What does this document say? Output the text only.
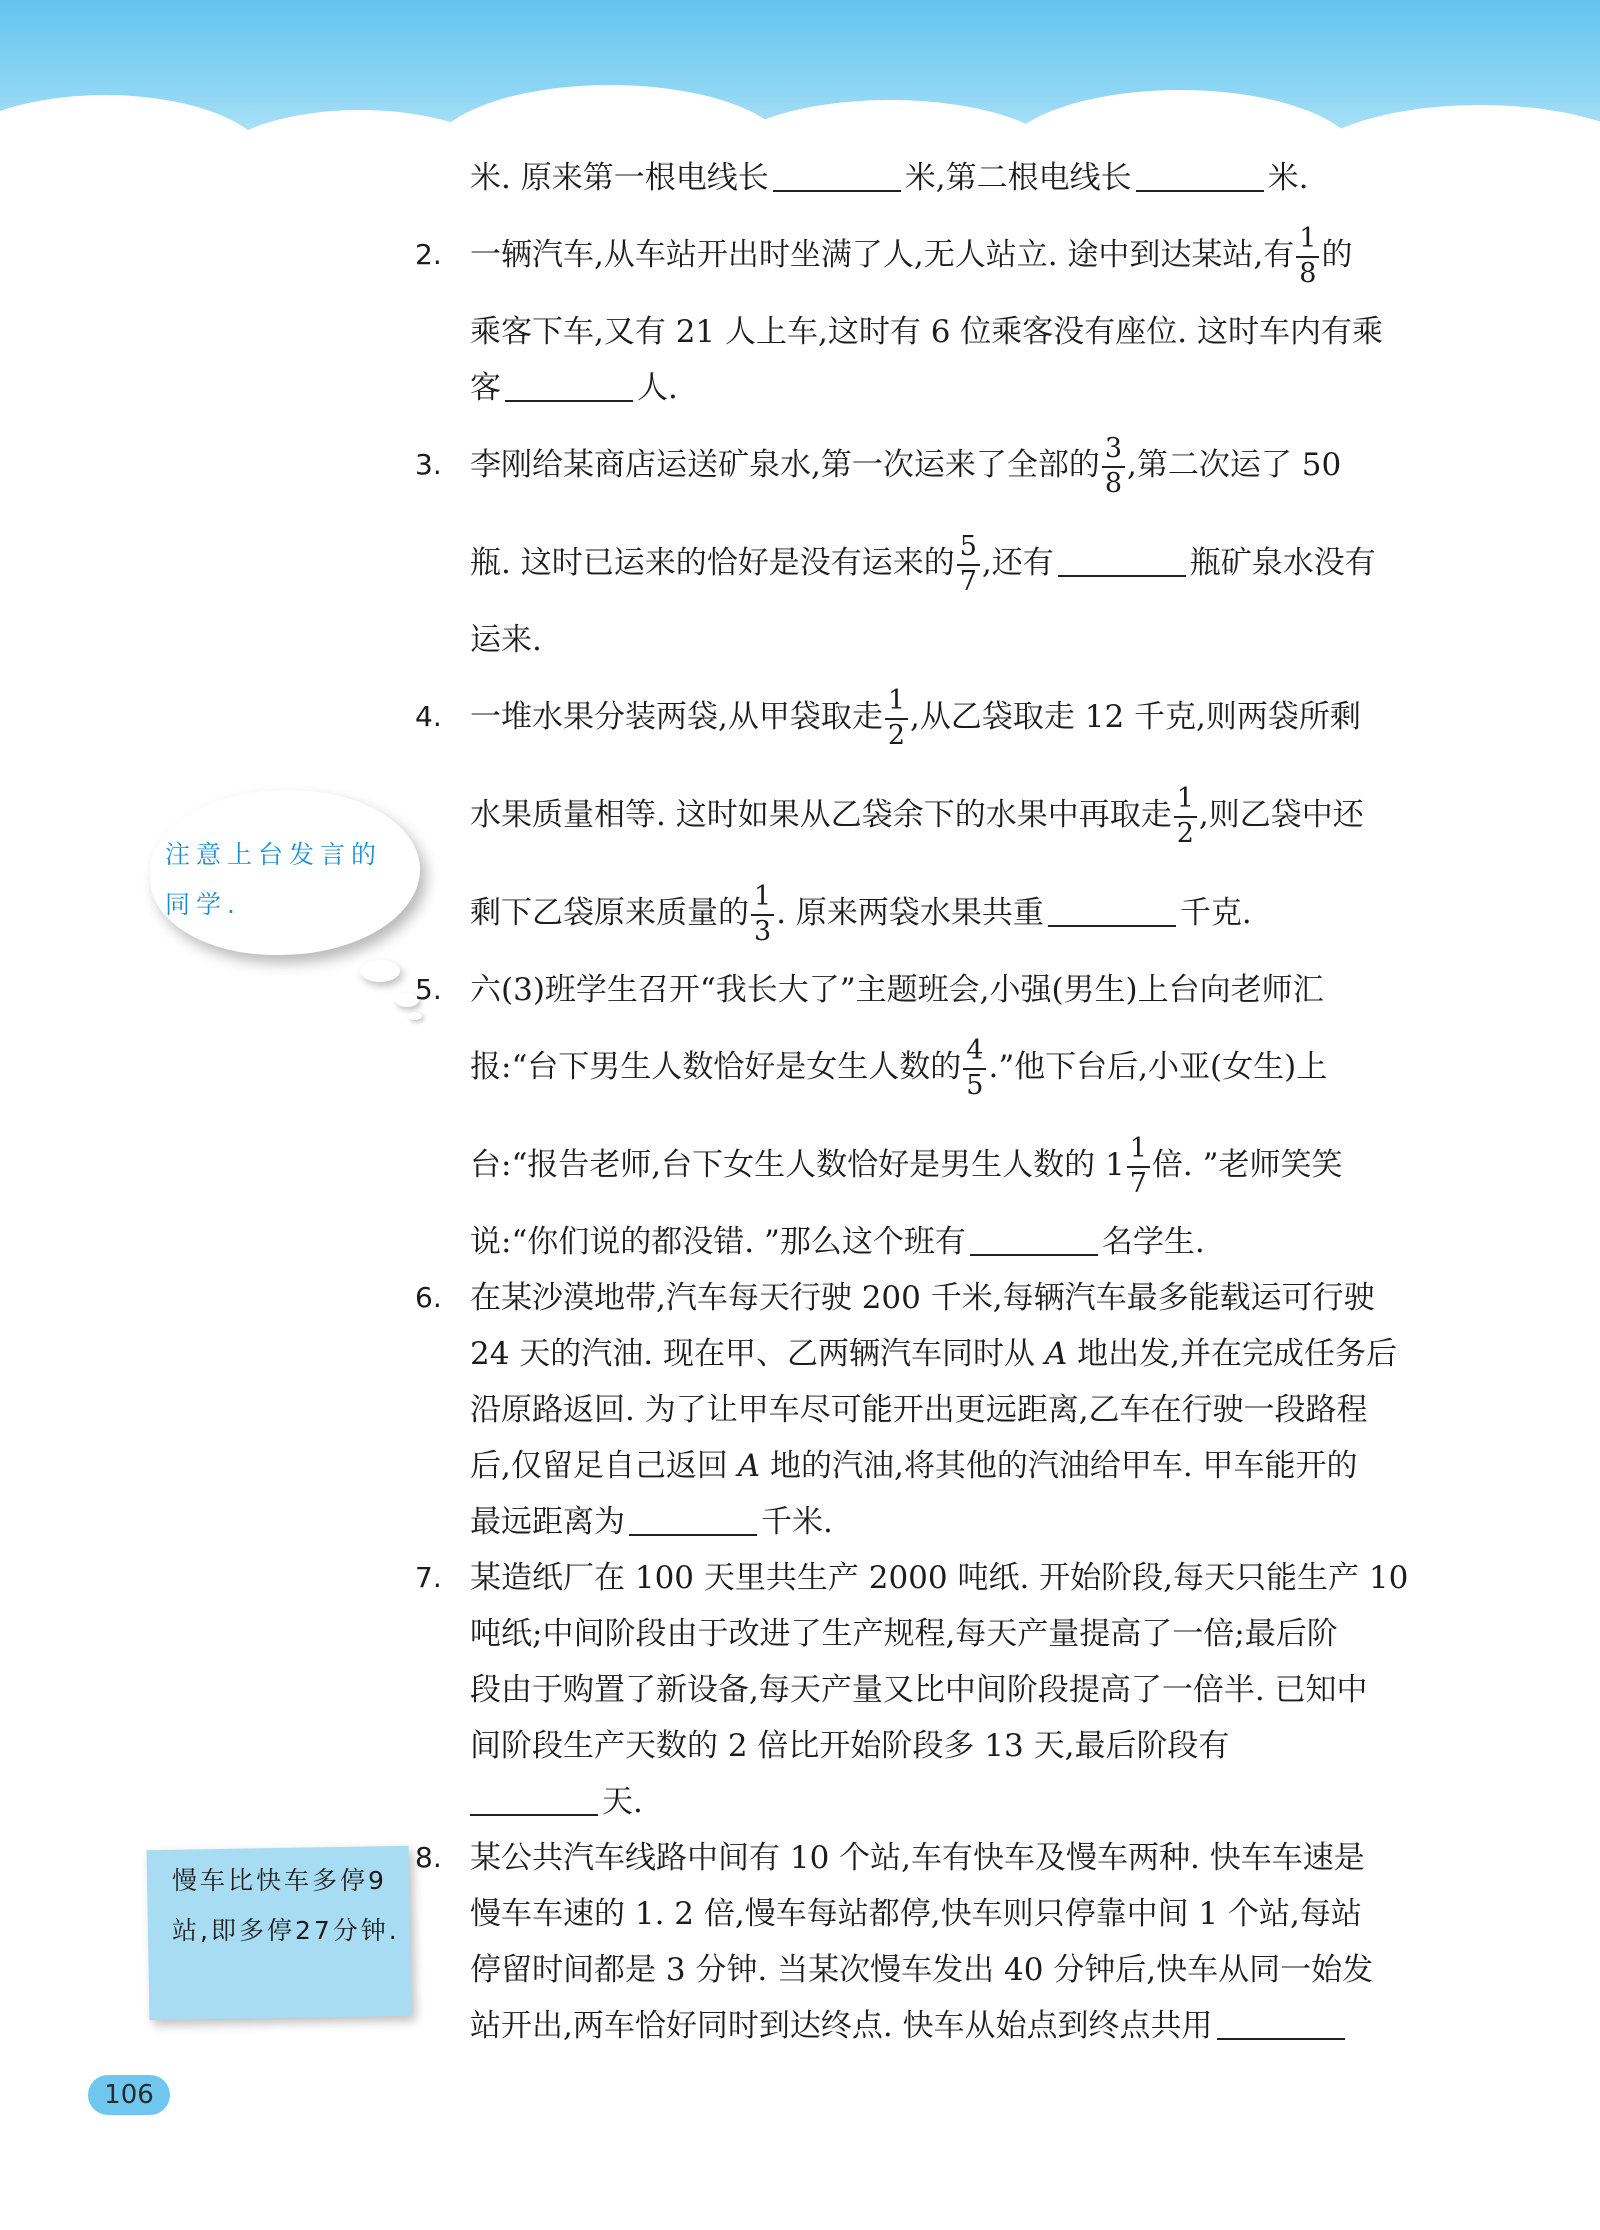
注意上台发言的同学.
慢车比快车多停9站,即多停27分钟.
106
米. 原来第一根电线长	米,第二根电线长	米.
2. 一辆汽车,从车站开出时坐满了人,无人站立. 途中到达某站,有 $\frac{1}{8}$ 的
乘客下车,又有 21 人上车,这时有 6 位乘客没有座位. 这时车内有乘
客	人.
3. 李刚给某商店运送矿泉水,第一次运来了全部的 $\frac{3}{8}$ ,第二次运了 50
瓶. 这时已运来的恰好是没有运来的 $\frac{5}{7}$ ,还有	瓶矿泉水没有
运来.
4. 一堆水果分装两袋,从甲袋取走 $\frac{1}{2}$ ,从乙袋取走 12 千克,则两袋所剩
水果质量相等. 这时如果从乙袋余下的水果中再取走 $\frac{1}{2}$ ,则乙袋中还
剩下乙袋原来质量的 $\frac{1}{3}$ . 原来两袋水果共重	千克.
5. 六(3)班学生召开“我长大了”主题班会,小强(男生)上台向老师汇
报:“台下男生人数恰好是女生人数的 $\frac{4}{5}$ .”他下台后,小亚(女生)上
台:“报告老师,台下女生人数恰好是男生人数的 $1 \frac{1}{7}$ 倍. ”老师笑笑
说:“你们说的都没错. ”那么这个班有	名学生.
6. 在某沙漠地带,汽车每天行驶 200 千米,每辆汽车最多能载运可行驶
24 天的汽油. 现在甲、乙两辆汽车同时从 A 地出发,并在完成任务后
沿原路返回. 为了让甲车尽可能开出更远距离,乙车在行驶一段路程
后,仅留足自己返回 A 地的汽油,将其他的汽油给甲车. 甲车能开的
最远距离为	千米.
7. 某造纸厂在 100 天里共生产 2000 吨纸. 开始阶段,每天只能生产 10
吨纸;中间阶段由于改进了生产规程,每天产量提高了一倍;最后阶
段由于购置了新设备,每天产量又比中间阶段提高了一倍半. 已知中
间阶段生产天数的 2 倍比开始阶段多 13 天,最后阶段有
天.
8. 某公共汽车线路中间有 10 个站,车有快车及慢车两种. 快车车速是
慢车车速的 1. 2 倍,慢车每站都停,快车则只停靠中间 1 个站,每站
停留时间都是 3 分钟. 当某次慢车发出 40 分钟后,快车从同一始发
站开出,两车恰好同时到达终点. 快车从始点到终点共用
